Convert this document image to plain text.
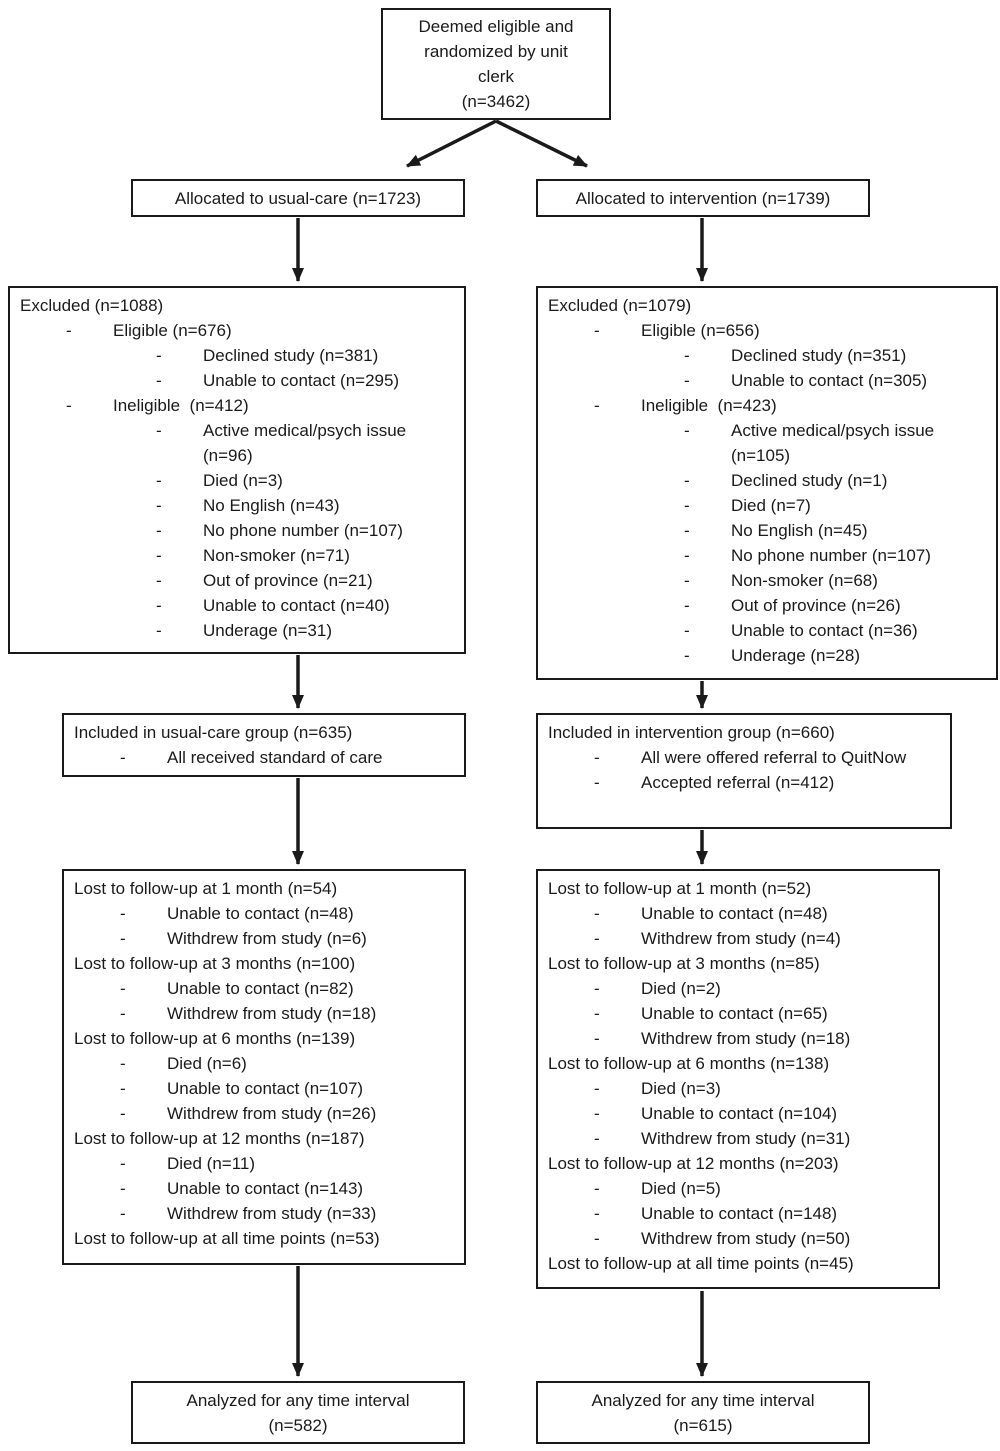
Deemed eligible and
randomized by unit
clerk
(n=3462)
Allocated to usual-care (n=1723)	Allocated to intervention (n=1739)
Excluded (n=1088)
-	Eligible (n=676)
-	Declined study (n=381)
-	Unable to contact (n=295)
-	Ineligible  (n=412)
-	Active medical/psych issue (n=96)
-	Died (n=3)
-	No English (n=43)
-	No phone number (n=107)
-	Non-smoker (n=71)
-	Out of province (n=21)
-	Unable to contact (n=40)
-	Underage (n=31)
Excluded (n=1079)
-	Eligible (n=656)
-	Declined study (n=351)
-	Unable to contact (n=305)
-	Ineligible  (n=423)
-	Active medical/psych issue (n=105)
-	Declined study (n=1)
-	Died (n=7)
-	No English (n=45)
-	No phone number (n=107)
-	Non-smoker (n=68)
-	Out of province (n=26)
-	Unable to contact (n=36)
-	Underage (n=28)
Included in usual-care group (n=635)
-	All received standard of care
Included in intervention group (n=660)
-	All were offered referral to QuitNow
-	Accepted referral (n=412)
Lost to follow-up at 1 month (n=54)
-	Unable to contact (n=48)
-	Withdrew from study (n=6)
Lost to follow-up at 3 months (n=100)
-	Unable to contact (n=82)
-	Withdrew from study (n=18)
Lost to follow-up at 6 months (n=139)
-	Died (n=6)
-	Unable to contact (n=107)
-	Withdrew from study (n=26)
Lost to follow-up at 12 months (n=187)
-	Died (n=11)
-	Unable to contact (n=143)
-	Withdrew from study (n=33)
Lost to follow-up at all time points (n=53)
Lost to follow-up at 1 month (n=52)
-	Unable to contact (n=48)
-	Withdrew from study (n=4)
Lost to follow-up at 3 months (n=85)
-	Died (n=2)
-	Unable to contact (n=65)
-	Withdrew from study (n=18)
Lost to follow-up at 6 months (n=138)
-	Died (n=3)
-	Unable to contact (n=104)
-	Withdrew from study (n=31)
Lost to follow-up at 12 months (n=203)
-	Died (n=5)
-	Unable to contact (n=148)
-	Withdrew from study (n=50)
Lost to follow-up at all time points (n=45)
Analyzed for any time interval
(n=582)
Analyzed for any time interval
(n=615)
